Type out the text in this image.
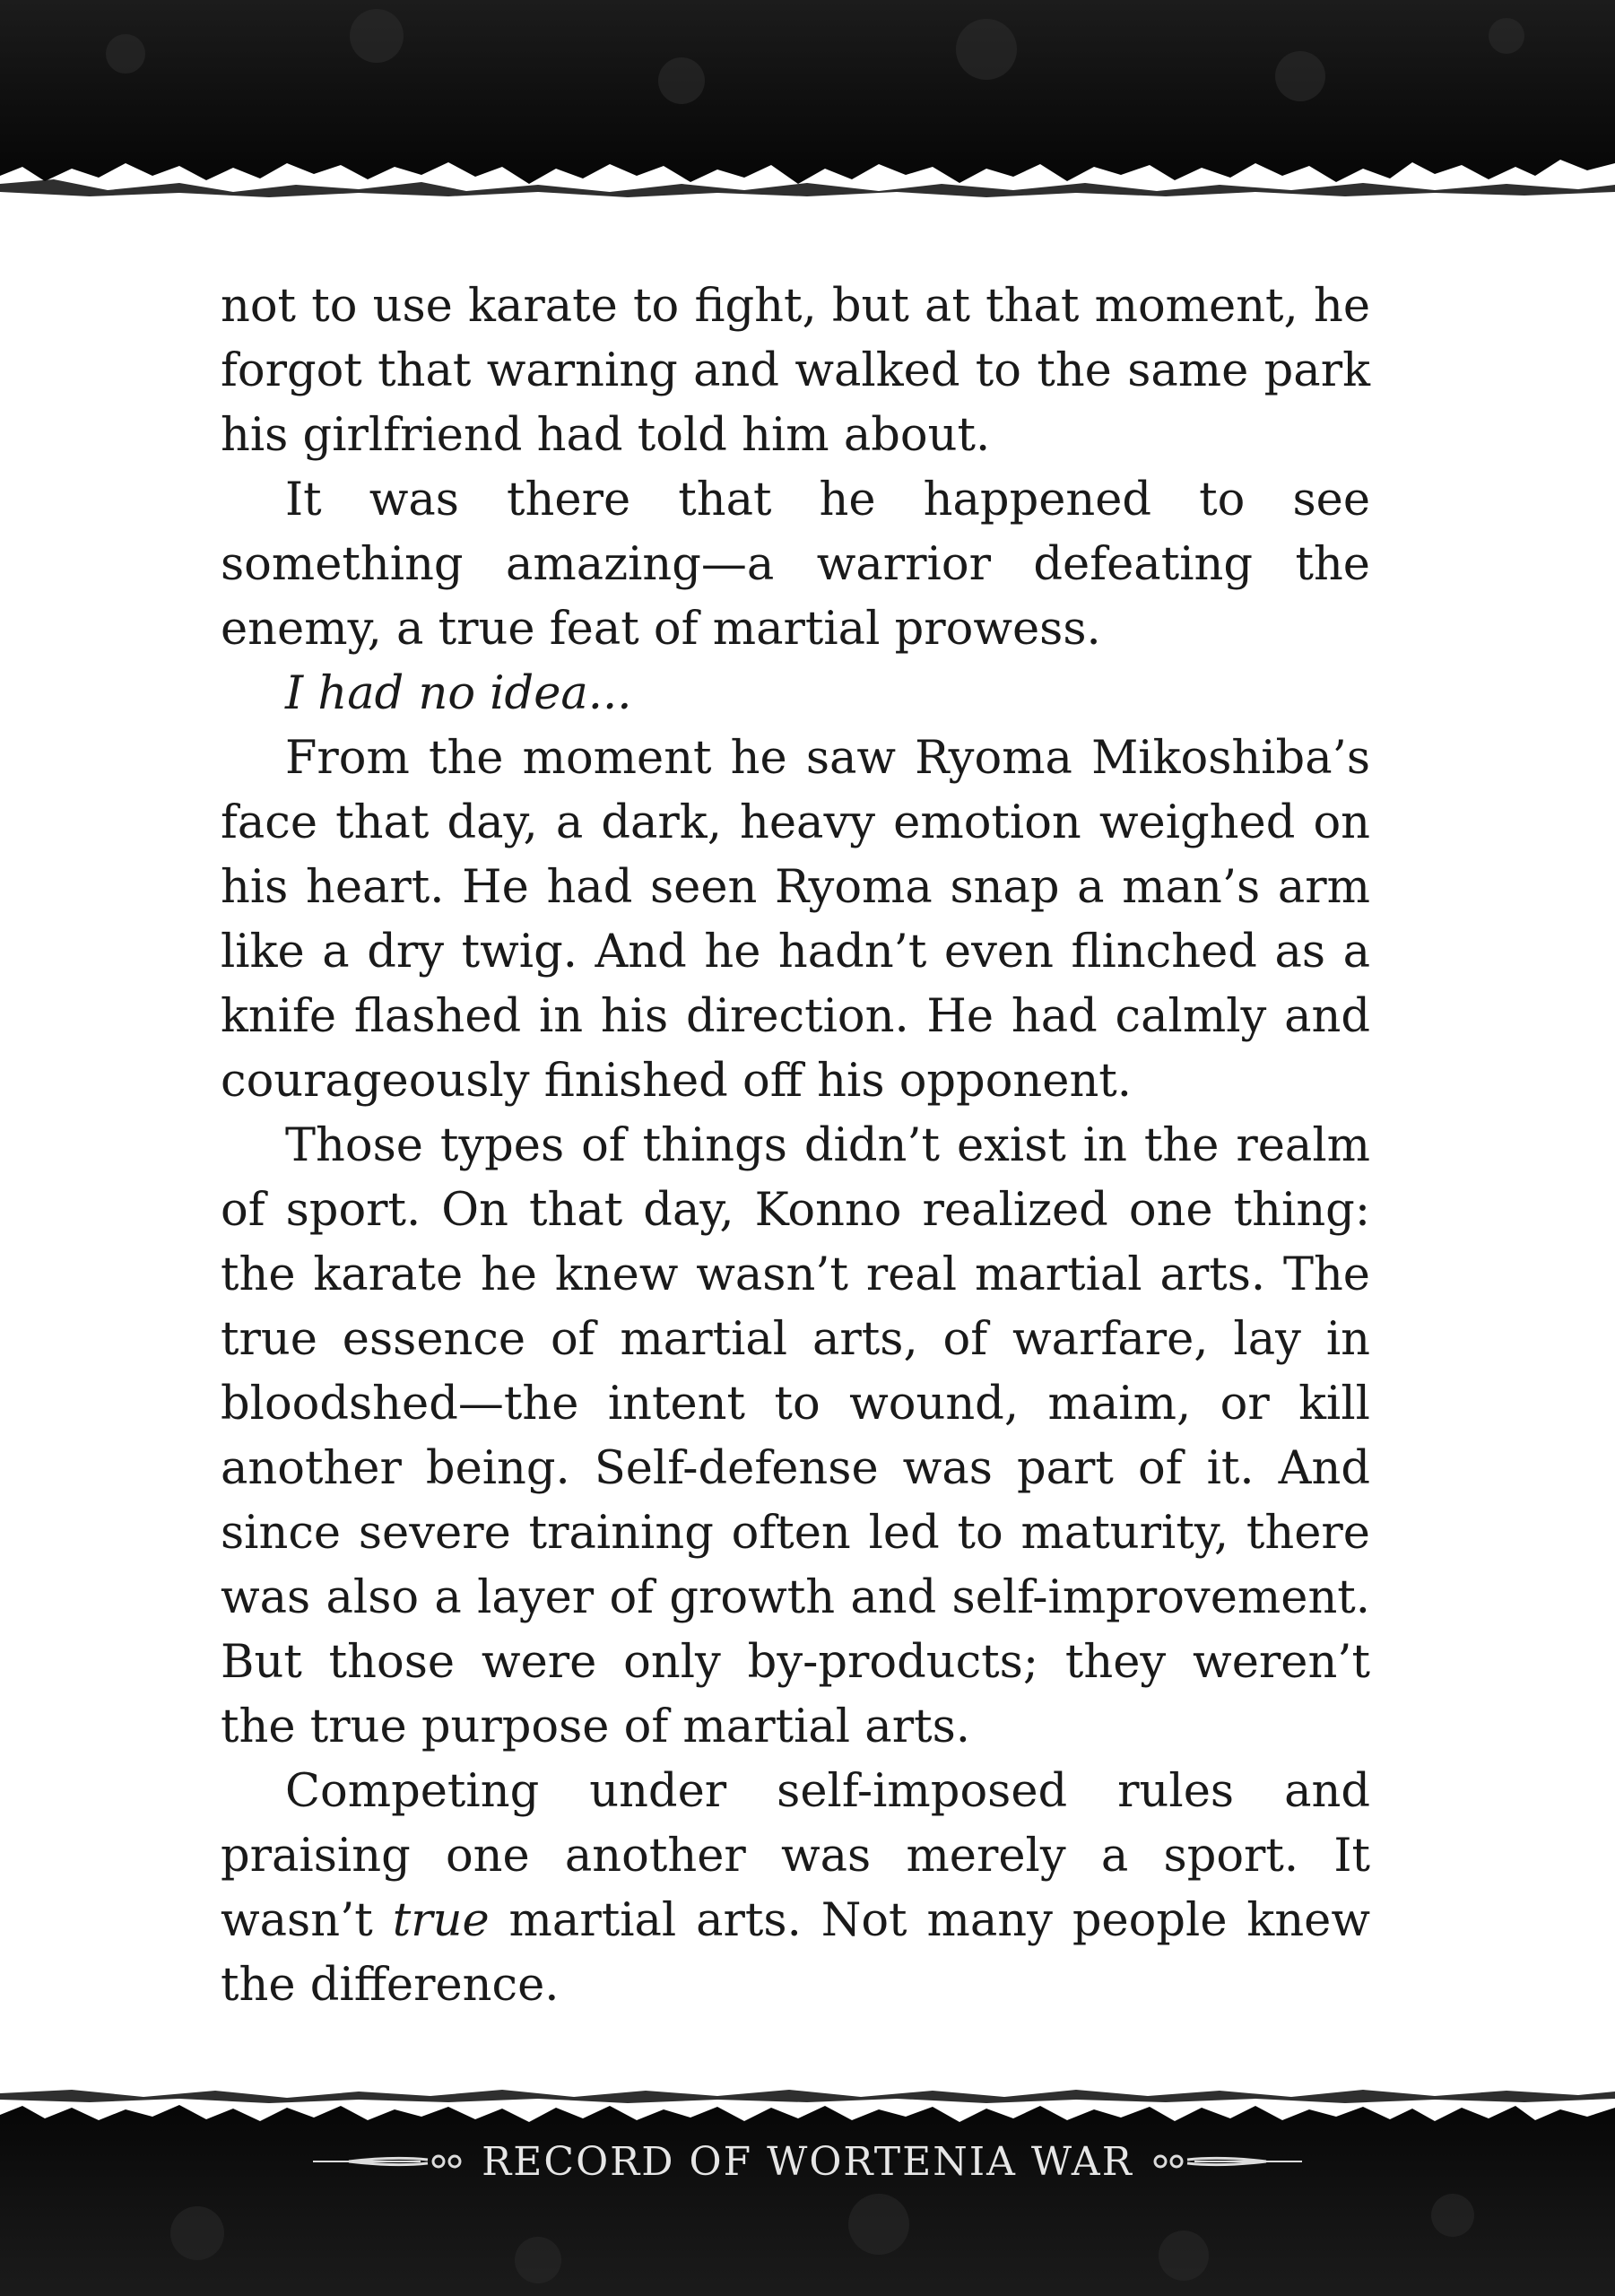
not to use karate to fight, but at that moment, he forgot that warning and walked to the same park his girlfriend had told him about.

It was there that he happened to see something amazing—a warrior defeating the enemy, a true feat of martial prowess.

I had no idea...

From the moment he saw Ryoma Mikoshiba’s face that day, a dark, heavy emotion weighed on his heart. He had seen Ryoma snap a man’s arm like a dry twig. And he hadn’t even flinched as a knife flashed in his direction. He had calmly and courageously finished off his opponent.

Those types of things didn’t exist in the realm of sport. On that day, Konno realized one thing: the karate he knew wasn’t real martial arts. The true essence of martial arts, of warfare, lay in bloodshed—the intent to wound, maim, or kill another being. Self-defense was part of it. And since severe training often led to maturity, there was also a layer of growth and self-improvement. But those were only by-products; they weren’t the true purpose of martial arts.

Competing under self-imposed rules and praising one another was merely a sport. It wasn’t true martial arts. Not many people knew the difference.

RECORD OF WORTENIA WAR
